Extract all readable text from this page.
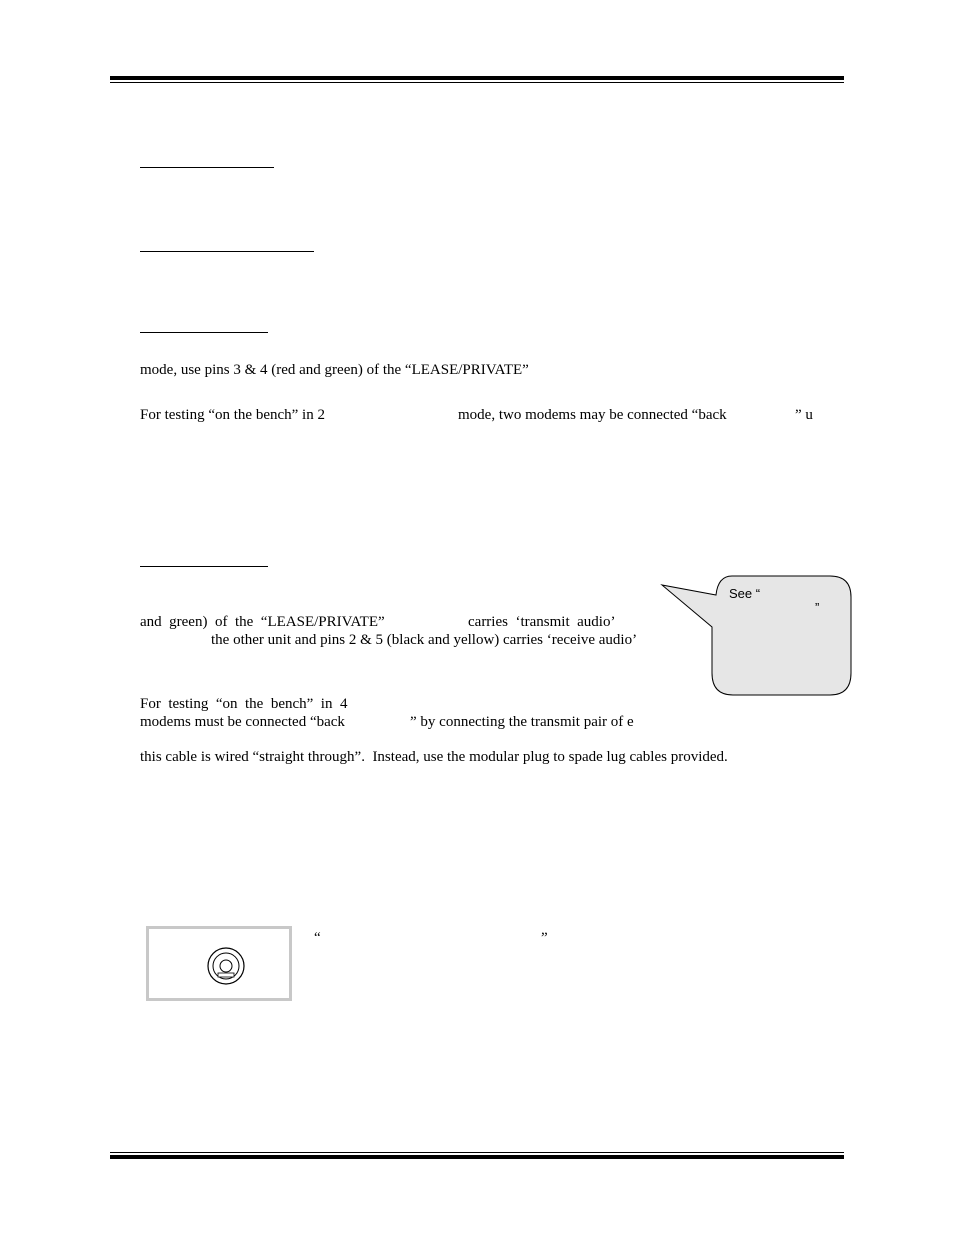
mode, use pins 3 & 4 (red and green) of the “LEASE/PRIVATE”
For testing “on the bench” in 2	mode, two modems may be connected “back	” u
and  green)  of  the  “LEASE/PRIVATE”	carries  ‘transmit  audio’
the other unit and pins 2 & 5 (black and yellow) carries ‘receive audio’
For  testing  “on  the  bench”  in  4
modems must be connected “back	” by connecting the transmit pair of e
this cable is wired “straight through”.  Instead, use the modular plug to spade lug cables provided.
See “
”
“	”
